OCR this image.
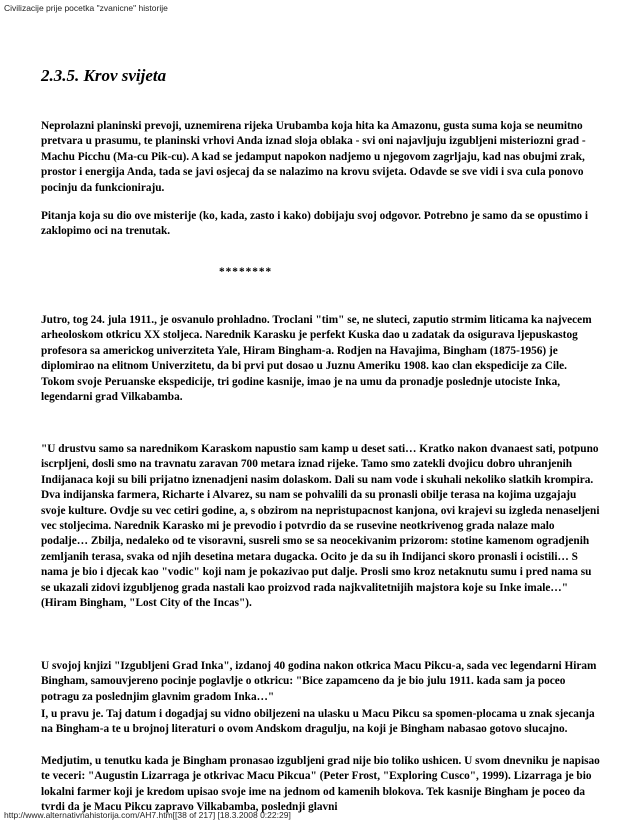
Civilizacije prije pocetka "zvanicne" historije
2.3.5. Krov svijeta

Neprolazni planinski prevoji, uznemirena rijeka Urubamba koja hita ka Amazonu, gusta suma koja se neumitno pretvara u prasumu, te planinski vrhovi Anda iznad sloja oblaka - svi oni najavljuju izgubljeni misteriozni grad - Machu Picchu (Ma-cu Pik-cu). A kad se jedamput napokon nadjemo u njegovom zagrljaju, kad nas obujmi zrak, prostor i energija Anda, tada se javi osjecaj da se nalazimo na krovu svijeta. Odavde se sve vidi i sva cula ponovo pocinju da funkcioniraju.

Pitanja koja su dio ove misterije (ko, kada, zasto i kako) dobijaju svoj odgovor. Potrebno je samo da se opustimo i zaklopimo oci na trenutak.

********

Jutro, tog 24. jula 1911., je osvanulo prohladno. Troclani "tim" se, ne sluteci, zaputio strmim liticama ka najvecem arheoloskom otkricu XX stoljeca. Narednik Karasku je perfekt Kuska dao u zadatak da osigurava ljepuskastog profesora sa americkog univerziteta Yale, Hiram Bingham-a. Rodjen na Havajima, Bingham (1875-1956) je diplomirao na elitnom Univerzitetu, da bi prvi put dosao u Juznu Ameriku 1908. kao clan ekspedicije za Cile. Tokom svoje Peruanske ekspedicije, tri godine kasnije, imao je na umu da pronadje poslednje utociste Inka, legendarni grad Vilkabamba.

"U drustvu samo sa narednikom Karaskom napustio sam kamp u deset sati… Kratko nakon dvanaest sati, potpuno iscrpljeni, dosli smo na travnatu zaravan 700 metara iznad rijeke. Tamo smo zatekli dvojicu dobro uhranjenih Indijanaca koji su bili prijatno iznenadjeni nasim dolaskom. Dali su nam vode i skuhali nekoliko slatkih krompira. Dva indijanska farmera, Richarte i Alvarez, su nam se pohvalili da su pronasli obilje terasa na kojima uzgajaju svoje kulture. Ovdje su vec cetiri godine, a, s obzirom na nepristupacnost kanjona, ovi krajevi su izgleda nenaseljeni vec stoljecima. Narednik Karasko mi je prevodio i potvrdio da se rusevine neotkrivenog grada nalaze malo podalje… Zbilja, nedaleko od te visoravni, susreli smo se sa neocekivanim prizorom: stotine kamenom ogradjenih zemljanih terasa, svaka od njih desetina metara dugacka. Ocito je da su ih Indijanci skoro pronasli i ocistili… S nama je bio i djecak kao "vodic" koji nam je pokazivao put dalje. Prosli smo kroz netaknutu sumu i pred nama su se ukazali zidovi izgubljenog grada nastali kao proizvod rada najkvalitetnijih majstora koje su Inke imale…"(Hiram Bingham, "Lost City of the Incas").

U svojoj knjizi "Izgubljeni Grad Inka", izdanoj 40 godina nakon otkrica Macu Pikcu-a, sada vec legendarni Hiram Bingham, samouvjereno pocinje poglavlje o otkricu: "Bice zapamceno da je bio julu 1911. kada sam ja poceo potragu za poslednjim glavnim gradom Inka…"

I, u pravu je. Taj datum i dogadjaj su vidno obiljezeni na ulasku u Macu Pikcu sa spomen-plocama u znak sjecanja na Bingham-a te u brojnoj literaturi o ovom Andskom dragulju, na koji je Bingham nabasao gotovo slucajno.

Medjutim, u tenutku kada je Bingham pronasao izgubljeni grad nije bio toliko ushicen. U svom dnevniku je napisao te veceri: "Augustin Lizarraga je otkrivac Macu Pikcua" (Peter Frost, "Exploring Cusco", 1999). Lizarraga je bio lokalni farmer koji je kredom upisao svoje ime na jednom od kamenih blokova. Tek kasnije Bingham je poceo da tvrdi da je Macu Pikcu zapravo Vilkabamba, poslednji glavni

http://www.alternativnahistorija.com/AH7.htm[[38 of 217] [18.3.2008 0:22:29]
